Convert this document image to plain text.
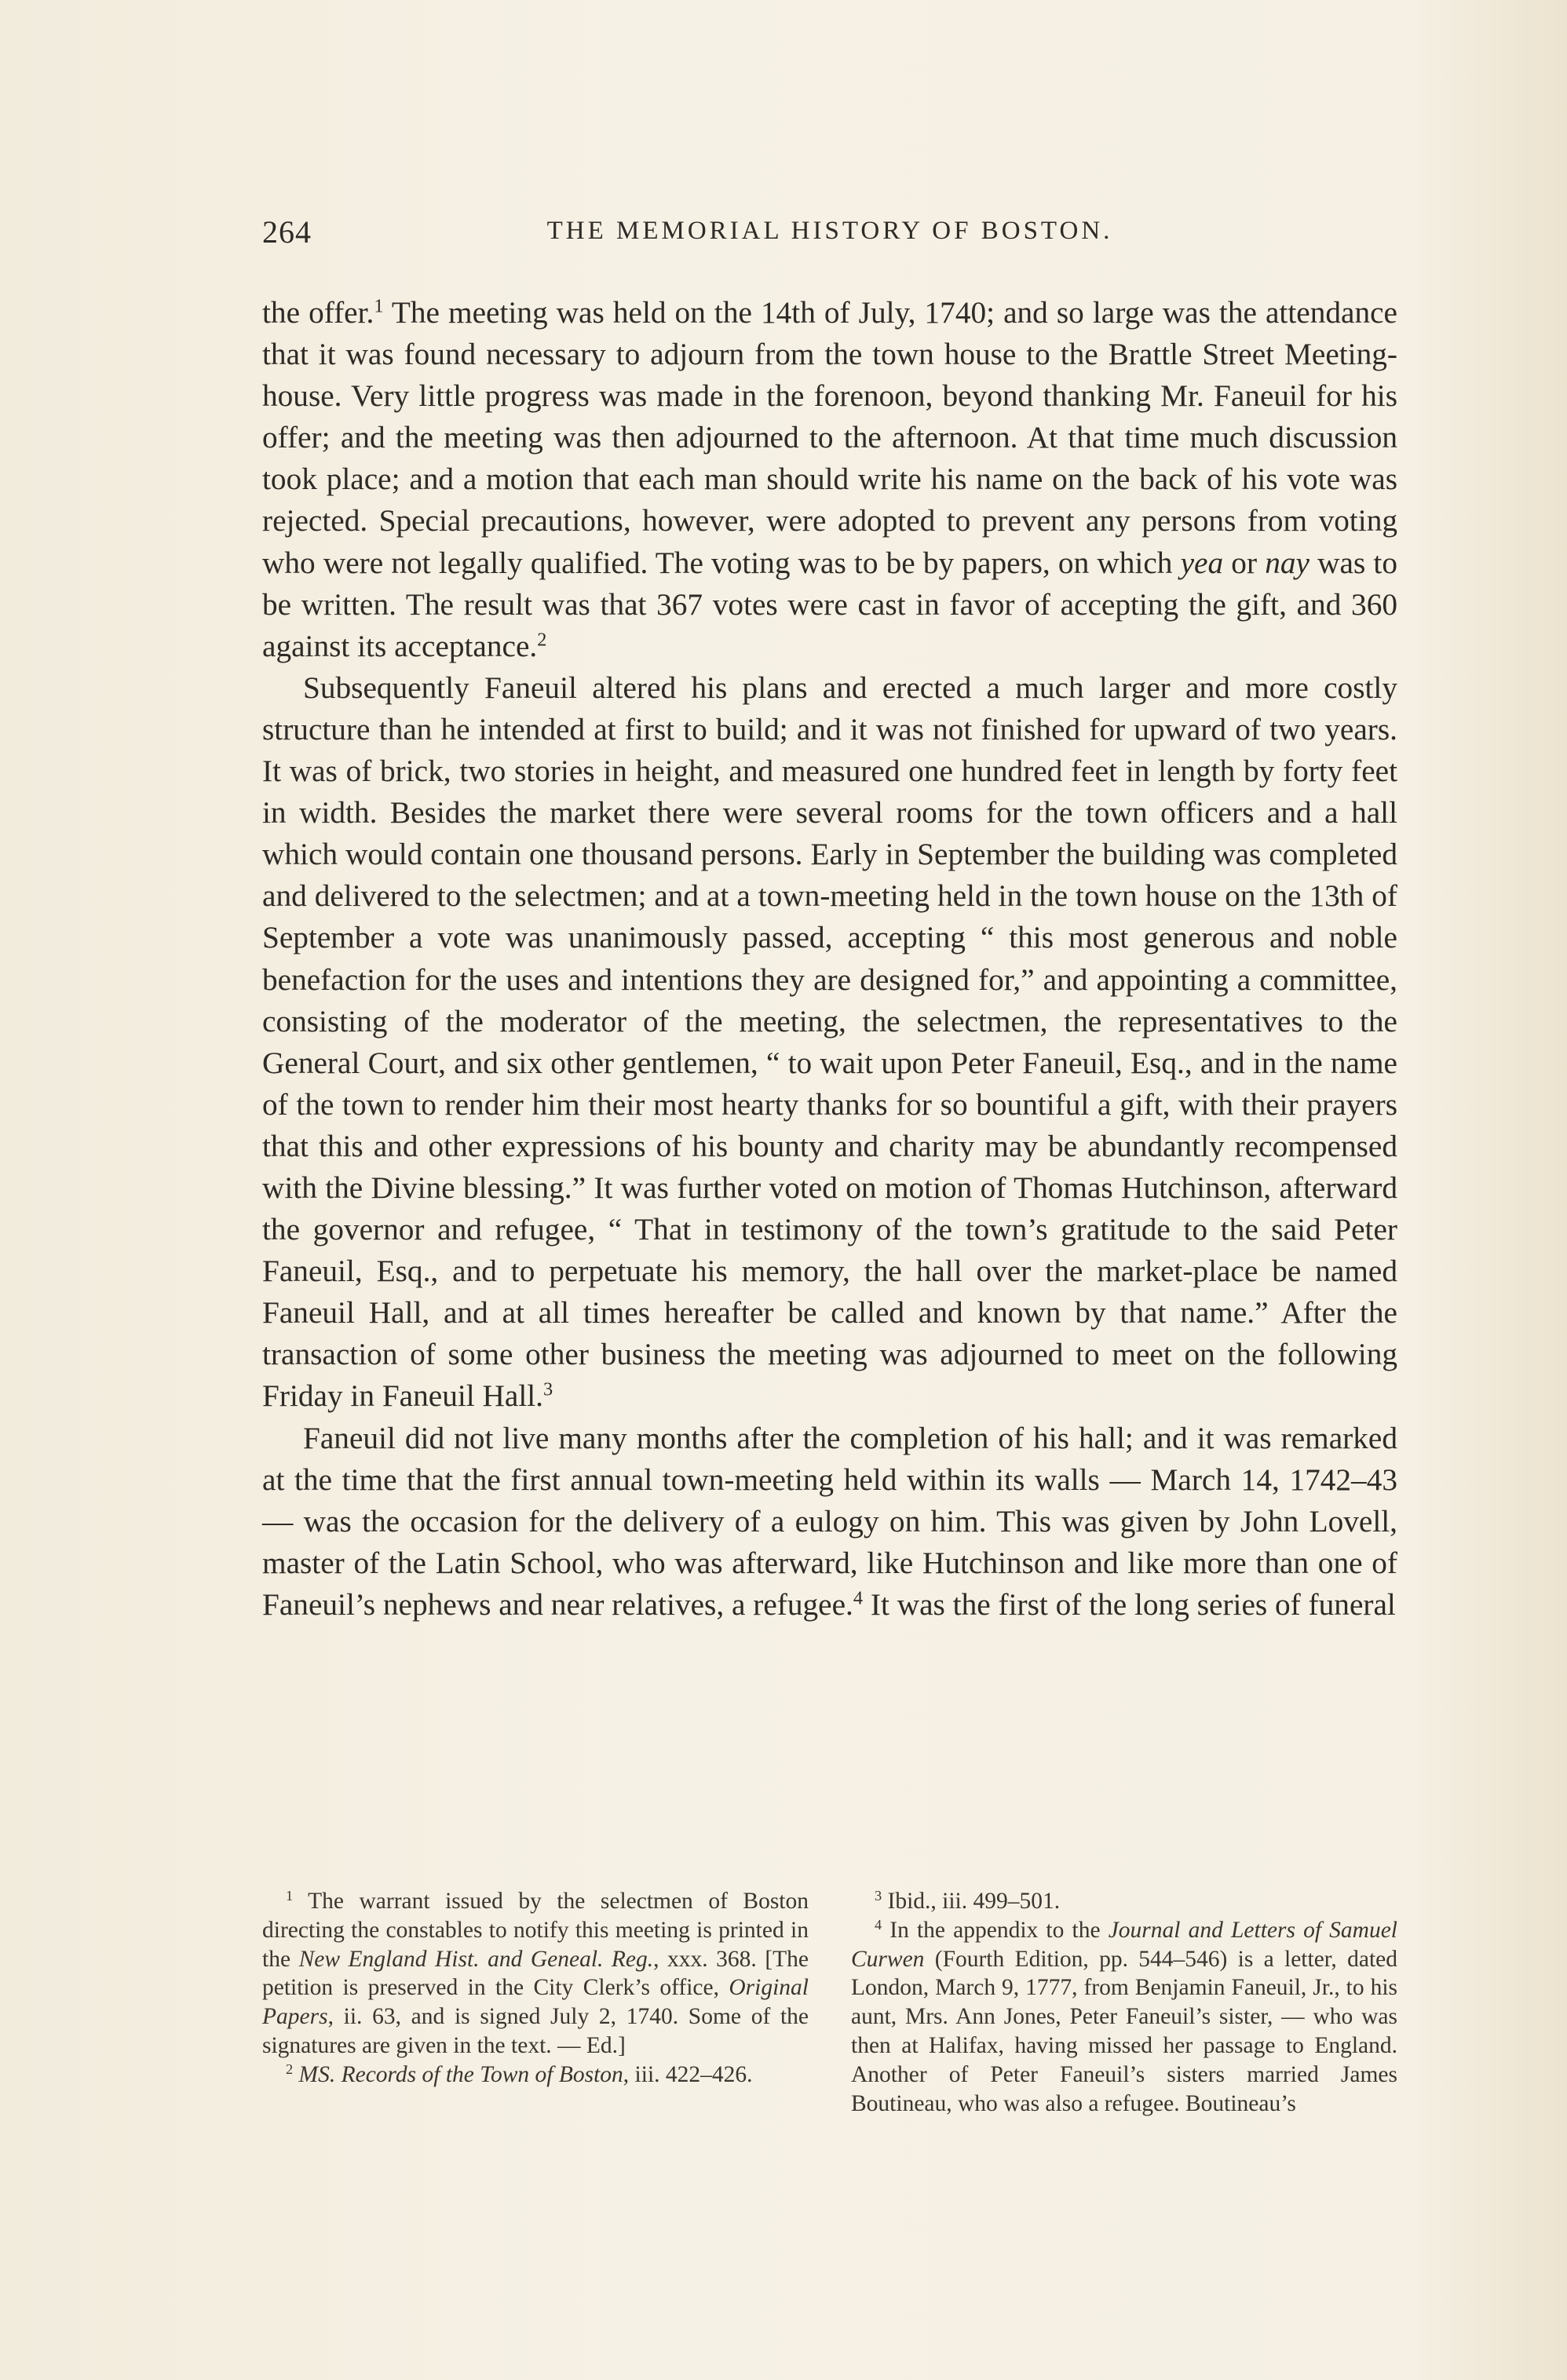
264	THE MEMORIAL HISTORY OF BOSTON.

the offer.$^1$ The meeting was held on the 14th of July, 1740; and so large was the attendance that it was found necessary to adjourn from the town house to the Brattle Street Meeting-house. Very little progress was made in the forenoon, beyond thanking Mr. Faneuil for his offer; and the meeting was then adjourned to the afternoon. At that time much discussion took place; and a motion that each man should write his name on the back of his vote was rejected. Special precautions, however, were adopted to prevent any persons from voting who were not legally qualified. The voting was to be by papers, on which yea or nay was to be written. The result was that 367 votes were cast in favor of accepting the gift, and 360 against its acceptance.$^2$

Subsequently Faneuil altered his plans and erected a much larger and more costly structure than he intended at first to build; and it was not finished for upward of two years. It was of brick, two stories in height, and measured one hundred feet in length by forty feet in width. Besides the market there were several rooms for the town officers and a hall which would contain one thousand persons. Early in September the building was completed and delivered to the selectmen; and at a town-meeting held in the town house on the 13th of September a vote was unanimously passed, accepting “ this most generous and noble benefaction for the uses and intentions they are designed for,” and appointing a committee, consisting of the moderator of the meeting, the selectmen, the representatives to the General Court, and six other gentlemen, “ to wait upon Peter Faneuil, Esq., and in the name of the town to render him their most hearty thanks for so bountiful a gift, with their prayers that this and other expressions of his bounty and charity may be abundantly recompensed with the Divine blessing.” It was further voted on motion of Thomas Hutchinson, afterward the governor and refugee, “ That in testimony of the town’s gratitude to the said Peter Faneuil, Esq., and to perpetuate his memory, the hall over the market-place be named Faneuil Hall, and at all times hereafter be called and known by that name.” After the transaction of some other business the meeting was adjourned to meet on the following Friday in Faneuil Hall.$^3$

Faneuil did not live many months after the completion of his hall; and it was remarked at the time that the first annual town-meeting held within its walls — March 14, 1742–43 — was the occasion for the delivery of a eulogy on him. This was given by John Lovell, master of the Latin School, who was afterward, like Hutchinson and like more than one of Faneuil’s nephews and near relatives, a refugee.$^4$ It was the first of the long series of funeral

$^1$ The warrant issued by the selectmen of Boston directing the constables to notify this meeting is printed in the New England Hist. and Geneal. Reg., xxx. 368. [The petition is preserved in the City Clerk’s office, Original Papers, ii. 63, and is signed July 2, 1740. Some of the signatures are given in the text. — Ed.]

$^2$ MS. Records of the Town of Boston, iii. 422–426.

$^3$ Ibid., iii. 499–501.

$^4$ In the appendix to the Journal and Letters of Samuel Curwen (Fourth Edition, pp. 544–546) is a letter, dated London, March 9, 1777, from Benjamin Faneuil, Jr., to his aunt, Mrs. Ann Jones, Peter Faneuil’s sister, — who was then at Halifax, having missed her passage to England. Another of Peter Faneuil’s sisters married James Boutineau, who was also a refugee. Boutineau’s
